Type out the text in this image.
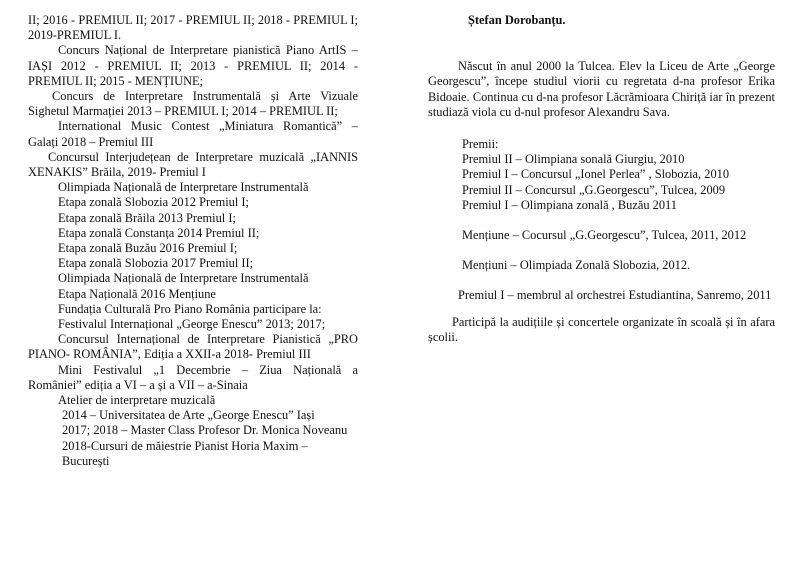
II; 2016 - PREMIUL II; 2017 - PREMIUL II; 2018 - PREMIUL I; 2019-PREMIUL I.

Concurs Național de Interpretare pianistică Piano ArtIS – IAȘI 2012 - PREMIUL II; 2013 - PREMIUL II; 2014 - PREMIUL II; 2015 - MENȚIUNE;

Concurs de Interpretare Instrumentală și Arte Vizuale Sighetul Marmației 2013 – PREMIUL I; 2014 – PREMIUL II;

International Music Contest „Miniatura Romantică” – Galați 2018 – Premiul III

Concursul Interjudețean de Interpretare muzicală „IANNIS XENAKIS” Brăila, 2019- Premiul I

Olimpiada Națională de Interpretare Instrumentală

Etapa zonală Slobozia 2012 Premiul I;

Etapa zonală Brăila 2013 Premiul I;

Etapa zonală Constanța 2014 Premiul II;

Etapa zonală Buzău 2016 Premiul I;

Etapa zonală Slobozia 2017 Premiul II;

Olimpiada Națională de Interpretare Instrumentală

Etapa Națională 2016 Mențiune

Fundația Culturală Pro Piano România participare la:

Festivalul Internațional „George Enescu” 2013; 2017;

Concursul Internațional de Interpretare Pianistică „PRO PIANO- ROMÂNIA”, Ediția a XXII-a 2018- Premiul III

Mini Festivalul „1 Decembrie – Ziua Națională a României” ediția a VI – a și a VII – a-Sinaia

Atelier de interpretare muzicală

2014 – Universitatea de Arte „George Enescu” Iași

2017; 2018 – Master Class Profesor Dr. Monica Noveanu

2018-Cursuri de măiestrie Pianist Horia Maxim – București

Ștefan Dorobanțu.

Născut în anul 2000 la Tulcea. Elev la Liceu de Arte „George Georgescu”, începe studiul viorii cu regretata d-na profesor Erika Bidoaie. Continua cu d-na profesor Lăcrămioara Chiriță iar în prezent studiază viola cu d-nul profesor Alexandru Sava.

Premii:

Premiul II – Olimpiana sonală Giurgiu, 2010

Premiul I – Concursul „Ionel Perlea” , Slobozia, 2010

Premiul II – Concursul „G.Georgescu”, Tulcea, 2009

Premiul I – Olimpiana zonală , Buzău 2011

Mențiune – Cocursul „G.Georgescu”, Tulcea, 2011, 2012

Mențiuni – Olimpiada Zonală Slobozia, 2012.

Premiul I – membrul al orchestrei Estudiantina, Sanremo, 2011

Participă la audițiile și concertele organizate în scoală și în afara școlii.
